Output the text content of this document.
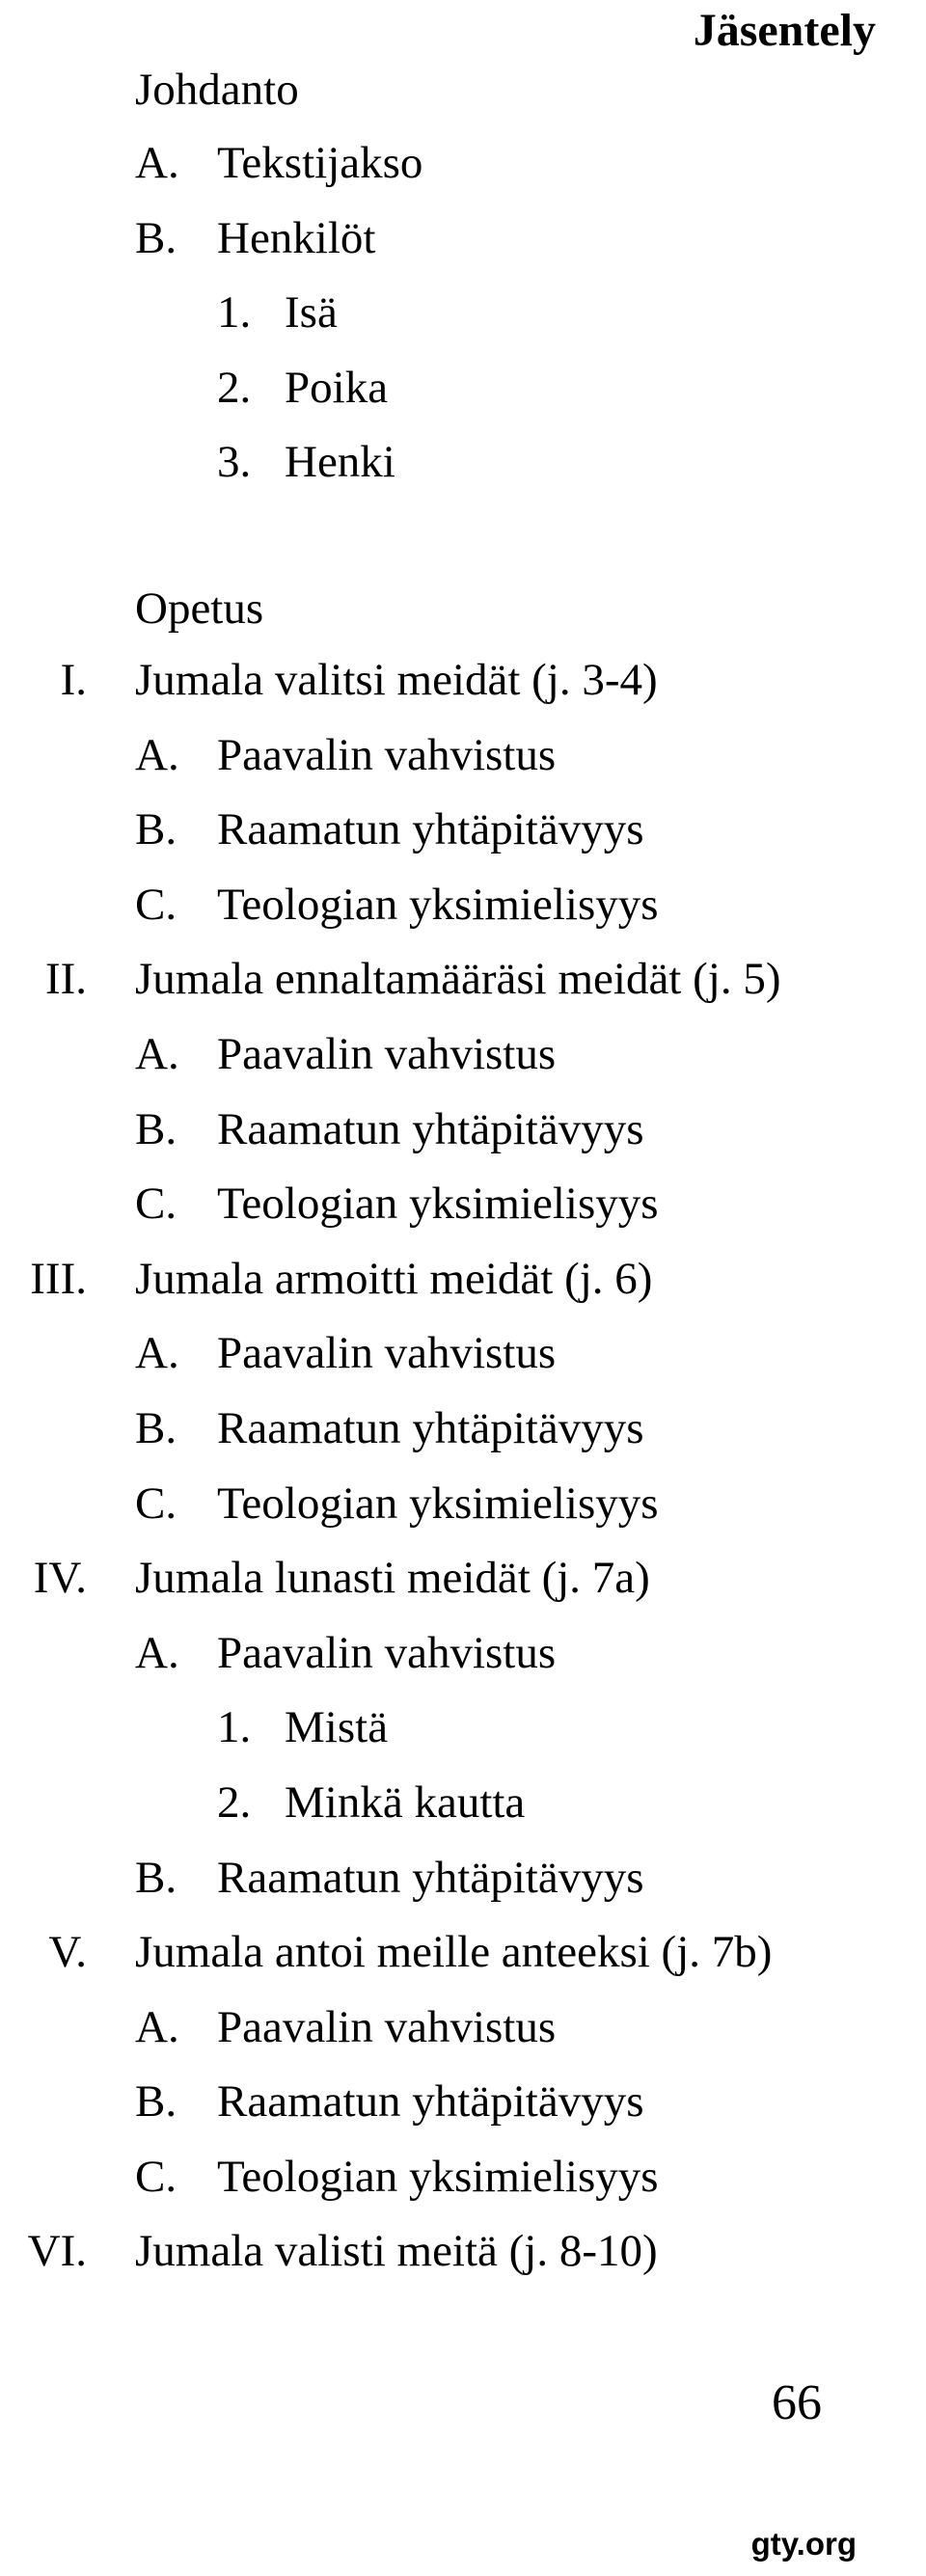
Jäsentely

Johdanto

A. Tekstijakso
B. Henkilöt
1. Isä
2. Poika
3. Henki

Opetus

I. Jumala valitsi meidät (j. 3-4)
A. Paavalin vahvistus
B. Raamatun yhtäpitävyys
C. Teologian yksimielisyys
II. Jumala ennaltamääräsi meidät (j. 5)
A. Paavalin vahvistus
B. Raamatun yhtäpitävyys
C. Teologian yksimielisyys
III. Jumala armoitti meidät (j. 6)
A. Paavalin vahvistus
B. Raamatun yhtäpitävyys
C. Teologian yksimielisyys
IV. Jumala lunasti meidät (j. 7a)
A. Paavalin vahvistus
1. Mistä
2. Minkä kautta
B. Raamatun yhtäpitävyys
V. Jumala antoi meille anteeksi (j. 7b)
A. Paavalin vahvistus
B. Raamatun yhtäpitävyys
C. Teologian yksimielisyys
VI. Jumala valisti meitä (j. 8-10)

66

gty.org
